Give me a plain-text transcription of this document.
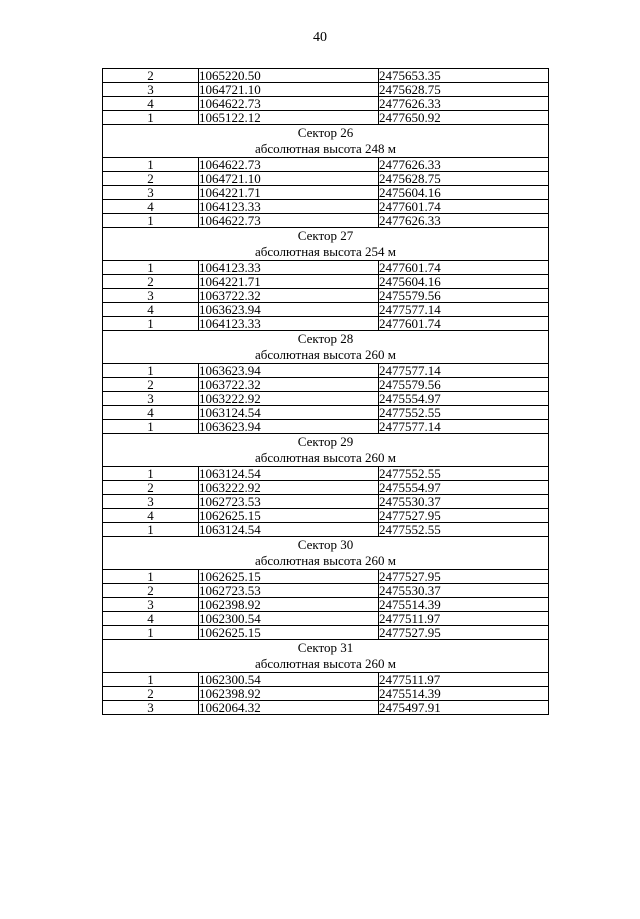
40
2	1065220.50	2475653.35
3	1064721.10	2475628.75
4	1064622.73	2477626.33
1	1065122.12	2477650.92

Сектор 26
абсолютная высота 248 м		

1	1064622.73	2477626.33
2	1064721.10	2475628.75
3	1064221.71	2475604.16
4	1064123.33	2477601.74
1	1064622.73	2477626.33

Сектор 27
абсолютная высота 254 м		

1	1064123.33	2477601.74
2	1064221.71	2475604.16
3	1063722.32	2475579.56
4	1063623.94	2477577.14
1	1064123.33	2477601.74

Сектор 28
абсолютная высота 260 м		

1	1063623.94	2477577.14
2	1063722.32	2475579.56
3	1063222.92	2475554.97
4	1063124.54	2477552.55
1	1063623.94	2477577.14

Сектор 29
абсолютная высота 260 м		

1	1063124.54	2477552.55
2	1063222.92	2475554.97
3	1062723.53	2475530.37
4	1062625.15	2477527.95
1	1063124.54	2477552.55

Сектор 30
абсолютная высота 260 м		

1	1062625.15	2477527.95
2	1062723.53	2475530.37
3	1062398.92	2475514.39
4	1062300.54	2477511.97
1	1062625.15	2477527.95

Сектор 31
абсолютная высота 260 м		

1	1062300.54	2477511.97
2	1062398.92	2475514.39
3	1062064.32	2475497.91
